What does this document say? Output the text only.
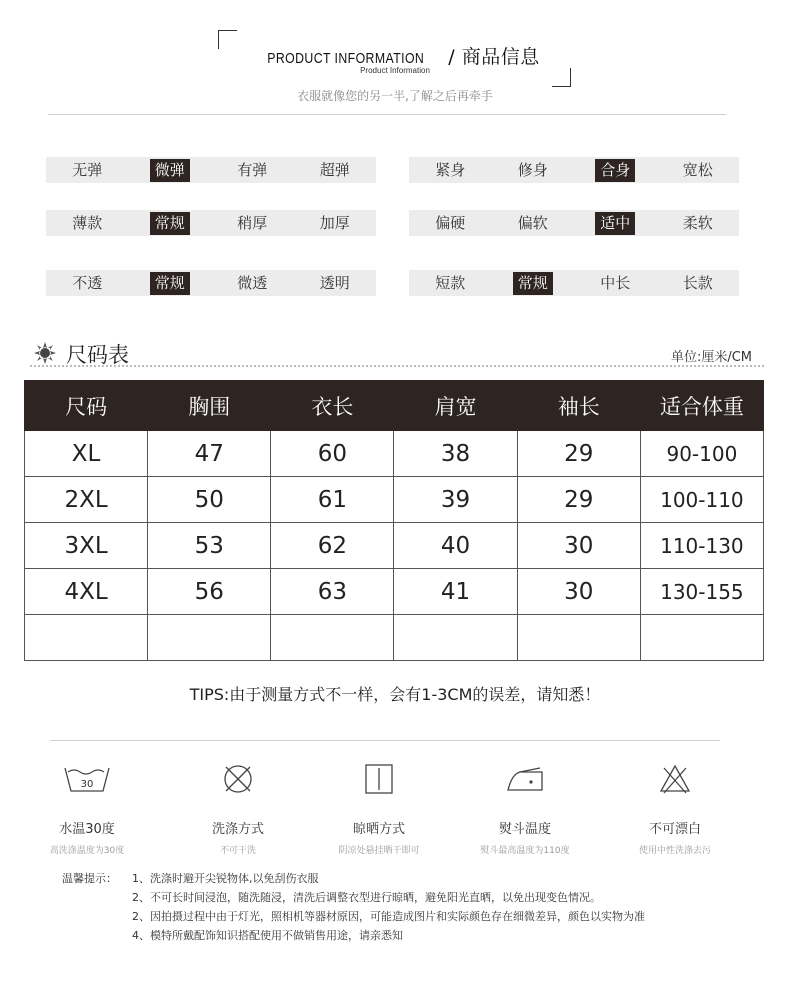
PRODUCT INFORMATION / 商品信息
Product Information
衣服就像您的另一半,了解之后再牵手
无弹	微弹	有弹	超弹	紧身	修身	合身	宽松
薄款	常规	稍厚	加厚	偏硬	偏软	适中	柔软
不透	常规	微透	透明	短款	常规	中长	长款
尺码表	单位:厘米/CM
尺码	胸围	衣长	肩宽	袖长	适合体重
XL	47	60	38	29	90-100
2XL	50	61	39	29	100-110
3XL	53	62	40	30	110-130
4XL	56	63	41	30	130-155

TIPS:由于测量方式不一样，会有1-3CM的误差，请知悉！
30
水温30度
高洗涤温度为30度
洗涤方式
不可干洗
晾晒方式
阴凉处悬挂晒干即可
熨斗温度
熨斗最高温度为110度
不可漂白
使用中性洗涤去污
温馨提示：	1、洗涤时避开尖锐物体,以免刮伤衣服
2、不可长时间浸泡，随洗随浸，清洗后调整衣型进行晾晒，避免阳光直晒，以免出现变色情况。
2、因拍摄过程中由于灯光，照相机等器材原因，可能造成图片和实际颜色存在细微差异，颜色以实物为准
4、模特所戴配饰知识搭配使用不做销售用途，请亲悉知
